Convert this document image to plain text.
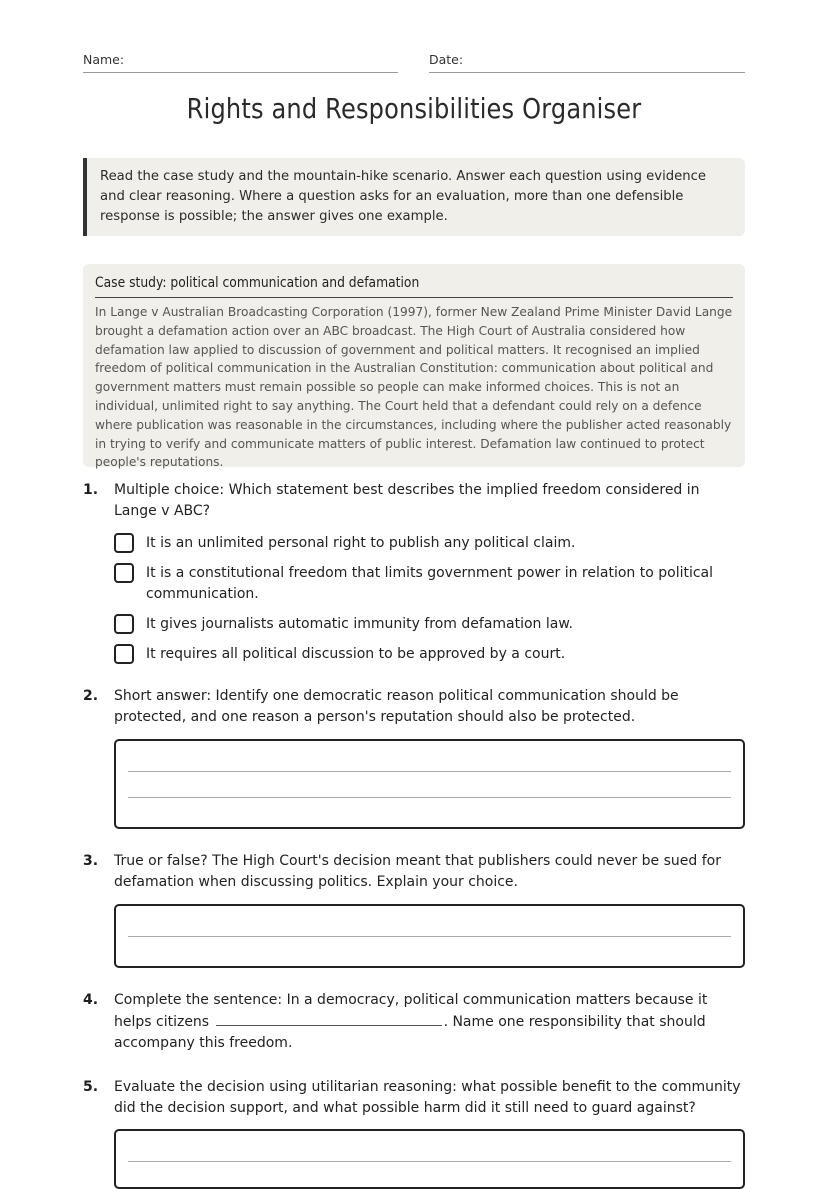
Name:	Date:
Rights and Responsibilities Organiser
Read the case study and the mountain-hike scenario. Answer each question using evidence and clear reasoning. Where a question asks for an evaluation, more than one defensible response is possible; the answer gives one example.
Case study: political communication and defamation
In Lange v Australian Broadcasting Corporation (1997), former New Zealand Prime Minister David Lange brought a defamation action over an ABC broadcast. The High Court of Australia considered how defamation law applied to discussion of government and political matters. It recognised an implied freedom of political communication in the Australian Constitution: communication about political and government matters must remain possible so people can make informed choices. This is not an individual, unlimited right to say anything. The Court held that a defendant could rely on a defence where publication was reasonable in the circumstances, including where the publisher acted reasonably in trying to verify and communicate matters of public interest. Defamation law continued to protect people's reputations.
1. Multiple choice: Which statement best describes the implied freedom considered in Lange v ABC?
It is an unlimited personal right to publish any political claim.
It is a constitutional freedom that limits government power in relation to political communication.
It gives journalists automatic immunity from defamation law.
It requires all political discussion to be approved by a court.
2. Short answer: Identify one democratic reason political communication should be protected, and one reason a person's reputation should also be protected.
3. True or false? The High Court's decision meant that publishers could never be sued for defamation when discussing politics. Explain your choice.
4. Complete the sentence: In a democracy, political communication matters because it helps citizens	. Name one responsibility that should accompany this freedom.
5. Evaluate the decision using utilitarian reasoning: what possible benefit to the community did the decision support, and what possible harm did it still need to guard against?
